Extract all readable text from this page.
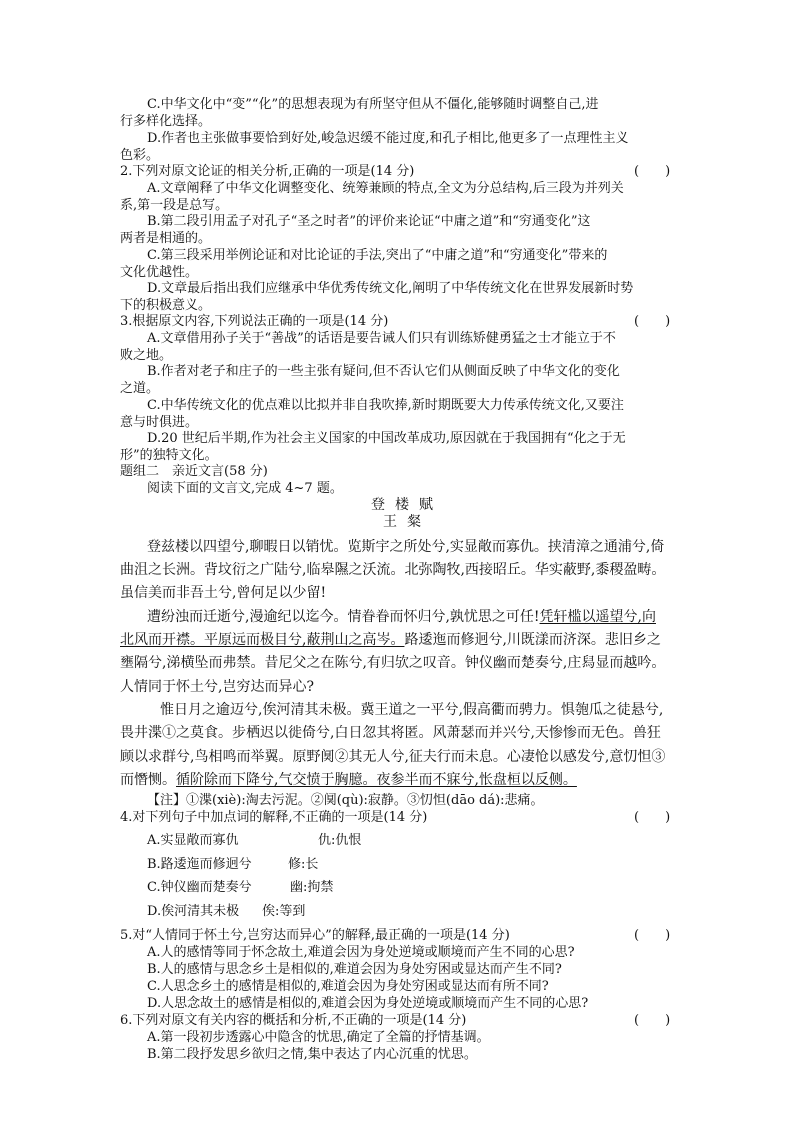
C.中华文化中“变”“化”的思想表现为有所坚守但从不僵化,能够随时调整自己,进
行多样化选择。
D.作者也主张做事要恰到好处,峻急迟缓不能过度,和孔子相比,他更多了一点理性主义
色彩。
2.下列对原文论证的相关分析,正确的一项是(14 分)	(　　)
A.文章阐释了中华文化调整变化、统筹兼顾的特点,全文为分总结构,后三段为并列关
系,第一段是总写。
B.第二段引用孟子对孔子“圣之时者”的评价来论证“中庸之道”和“穷通变化”这
两者是相通的。
C.第三段采用举例论证和对比论证的手法,突出了“中庸之道”和“穷通变化”带来的
文化优越性。
D.文章最后指出我们应继承中华优秀传统文化,阐明了中华传统文化在世界发展新时势
下的积极意义。
3.根据原文内容,下列说法正确的一项是(14 分)	(　　)
A.文章借用孙子关于“善战”的话语是要告诫人们只有训练矫健勇猛之士才能立于不
败之地。
B.作者对老子和庄子的一些主张有疑问,但不否认它们从侧面反映了中华文化的变化
之道。
C.中华传统文化的优点难以比拟并非自我吹捧,新时期既要大力传承传统文化,又要注
意与时俱进。
D.20 世纪后半期,作为社会主义国家的中国改革成功,原因就在于我国拥有“化之于无
形”的独特文化。
题组二　亲近文言(58 分)
阅读下面的文言文,完成 4~7 题。
登楼赋
王粲
登兹楼以四望兮,聊暇日以销忧。览斯宇之所处兮,实显敞而寡仇。挟清漳之通浦兮,倚
曲沮之长洲。背坟衍之广陆兮,临皋隰之沃流。北弥陶牧,西接昭丘。华实蔽野,黍稷盈畴。
虽信美而非吾土兮,曾何足以少留!
遭纷浊而迁逝兮,漫逾纪以迄今。情眷眷而怀归兮,孰忧思之可任!凭轩槛以遥望兮,向
北风而开襟。平原远而极目兮,蔽荆山之高岑。路逶迤而修迥兮,川既漾而济深。悲旧乡之
壅隔兮,涕横坠而弗禁。昔尼父之在陈兮,有归欤之叹音。钟仪幽而楚奏兮,庄舄显而越吟。
人情同于怀土兮,岂穷达而异心?
惟日月之逾迈兮,俟河清其未极。冀王道之一平兮,假高衢而骋力。惧匏瓜之徒悬兮,
畏井渫①之莫食。步栖迟以徙倚兮,白日忽其将匿。风萧瑟而并兴兮,天惨惨而无色。兽狂
顾以求群兮,鸟相鸣而举翼。原野阒②其无人兮,征夫行而未息。心凄怆以感发兮,意忉怛③
而憯恻。循阶除而下降兮,气交愤于胸臆。夜参半而不寐兮,怅盘桓以反侧。
【注】①渫(xiè):淘去污泥。②阒(qù):寂静。③忉怛(dāo dá):悲痛。
4.对下列句子中加点词的解释,不正确的一项是(14 分)	(　　)
A.实显敞而寡仇	仇:仇恨
B.路逶迤而修迥兮	修:长
C.钟仪幽而楚奏兮	幽:拘禁
D.俟河清其未极 俟:等到
5.对“人情同于怀土兮,岂穷达而异心”的解释,最正确的一项是(14 分)	(　　)
A.人的感情等同于怀念故土,难道会因为身处逆境或顺境而产生不同的心思?
B.人的感情与思念乡土是相似的,难道会因为身处穷困或显达而产生不同?
C.人思念乡土的感情是相似的,难道会因为身处穷困或显达而有所不同?
D.人思念故土的感情是相似的,难道会因为身处逆境或顺境而产生不同的心思?
6.下列对原文有关内容的概括和分析,不正确的一项是(14 分)	(　　)
A.第一段初步透露心中隐含的忧思,确定了全篇的抒情基调。
B.第二段抒发思乡欲归之情,集中表达了内心沉重的忧思。
